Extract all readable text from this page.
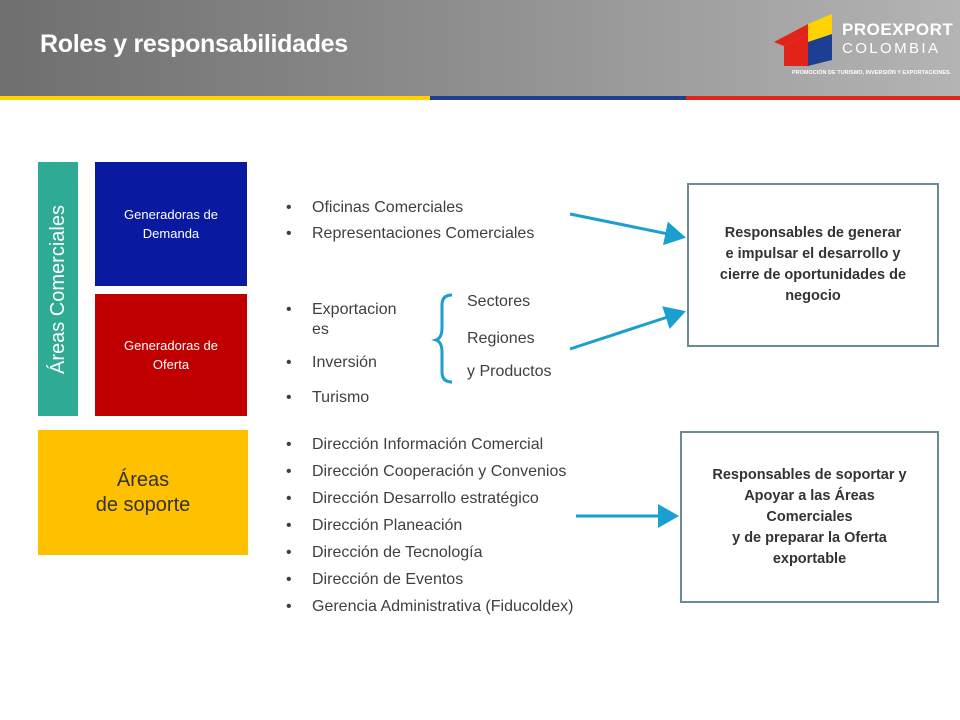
Roles y responsabilidades
PROEXPORT
COLOMBIA
PROMOCIÓN DE TURISMO, INVERSIÓN Y EXPORTACIONES.
Áreas Comerciales	Generadoras de
Demanda
Generadoras de
Oferta
Áreas
de soporte
• Oficinas Comerciales
• Representaciones Comerciales
• Exportacion
es
• Inversión
• Turismo
Sectores
Regiones
y Productos
• Dirección Información Comercial
• Dirección Cooperación y Convenios
• Dirección Desarrollo estratégico
• Dirección Planeación
• Dirección de Tecnología
• Dirección de Eventos
• Gerencia Administrativa (Fiducoldex)
Responsables de generar
e impulsar el desarrollo y
cierre de oportunidades de
negocio
Responsables de soportar y
Apoyar a las Áreas
Comerciales
y de preparar la Oferta
exportable
